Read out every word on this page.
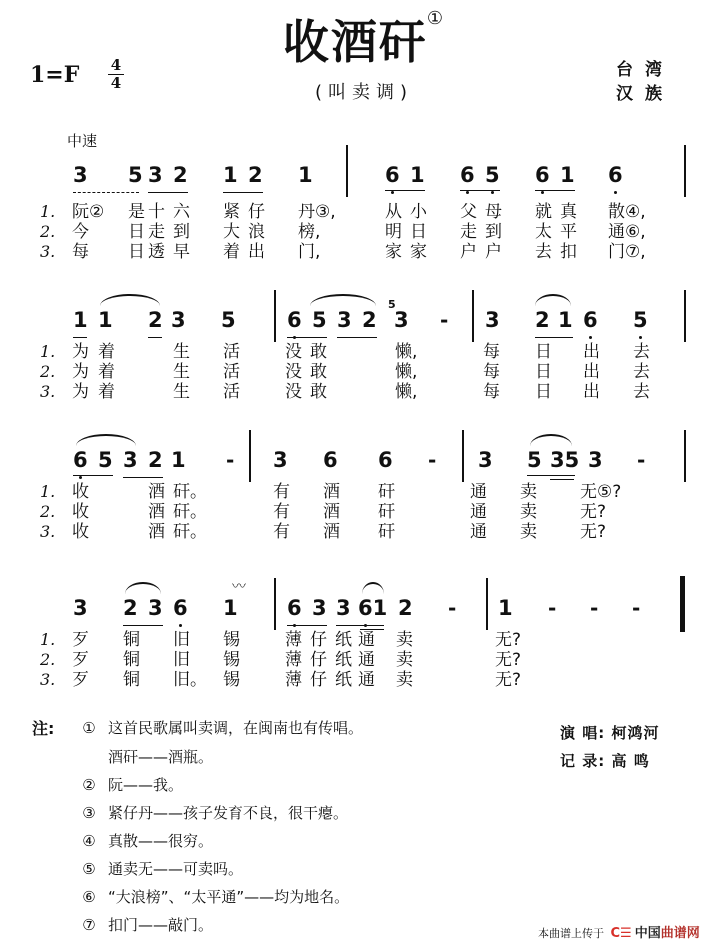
收酒矸①
1=F 4
4	(叫卖调)
台湾
汉族
中速
3 5 3 2 1 2 1	6 1 6 5 6 1 6
1. 阮② 是 十 六 紧 仔 丹③,	从 小 父 母 就 真 散④,
2. 今 日 走 到 大 浪 榜,	明 日 走 到 太 平 通⑥,
3. 每 日 透 早 着 出 门,	家 家 户 户 去 扣 门⑦,
1 1 2 3 5 6 5 3 2
5
3 - 3 2 1 6 5
1. 为 着	生 活	没 敢	懒,	每 日 出 去
2. 为 着	生 活	没 敢	懒,	每 日 出 去
3. 为 着	生 活	没 敢	懒,	每 日 出 去
6 5 3 2 1 - 3 6 6 - 3 5 35 3 -
1. 收	酒 矸。	有 酒 矸	通 卖	无⑤?
2. 收	酒 矸。	有 酒 矸	通 卖	无?
3. 收	酒 矸。	有 酒 矸	通 卖	无?
3 2 3 6 1
〰
6 3 3 61 2 - 1 - - -
1. 歹 铜 旧 锡	薄 仔 纸 通 卖	无?
2. 歹 铜 旧 锡	薄 仔 纸 通 卖	无?
3. 歹 铜 旧。 锡	薄 仔 纸 通 卖	无?
注: ① 这首民歌属叫卖调，在闽南也有传唱。
酒矸——酒瓶。
② 阮——我。
③ 紧仔丹——孩子发育不良，很干瘪。
④ 真散——很穷。
⑤ 通卖无——可卖吗。
⑥ “大浪榜”、“太平通”——均为地名。
⑦ 扣门——敲门。
演 唱: 柯鸿河
记 录: 高 鸣
本曲谱上传于 C☰ 中国曲谱网
